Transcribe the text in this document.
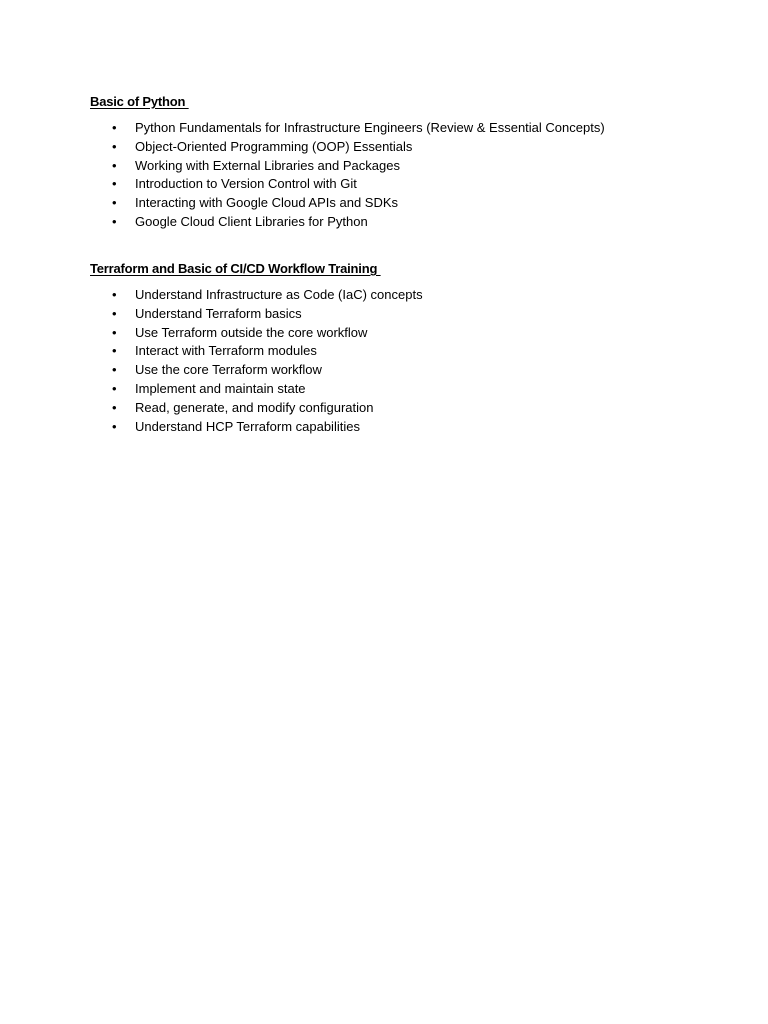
Basic of Python
• Python Fundamentals for Infrastructure Engineers (Review & Essential Concepts)
• Object-Oriented Programming (OOP) Essentials
• Working with External Libraries and Packages
• Introduction to Version Control with Git
• Interacting with Google Cloud APIs and SDKs
• Google Cloud Client Libraries for Python
Terraform and Basic of CI/CD Workflow Training
• Understand Infrastructure as Code (IaC) concepts
• Understand Terraform basics
• Use Terraform outside the core workflow
• Interact with Terraform modules
• Use the core Terraform workflow
• Implement and maintain state
• Read, generate, and modify configuration
• Understand HCP Terraform capabilities
